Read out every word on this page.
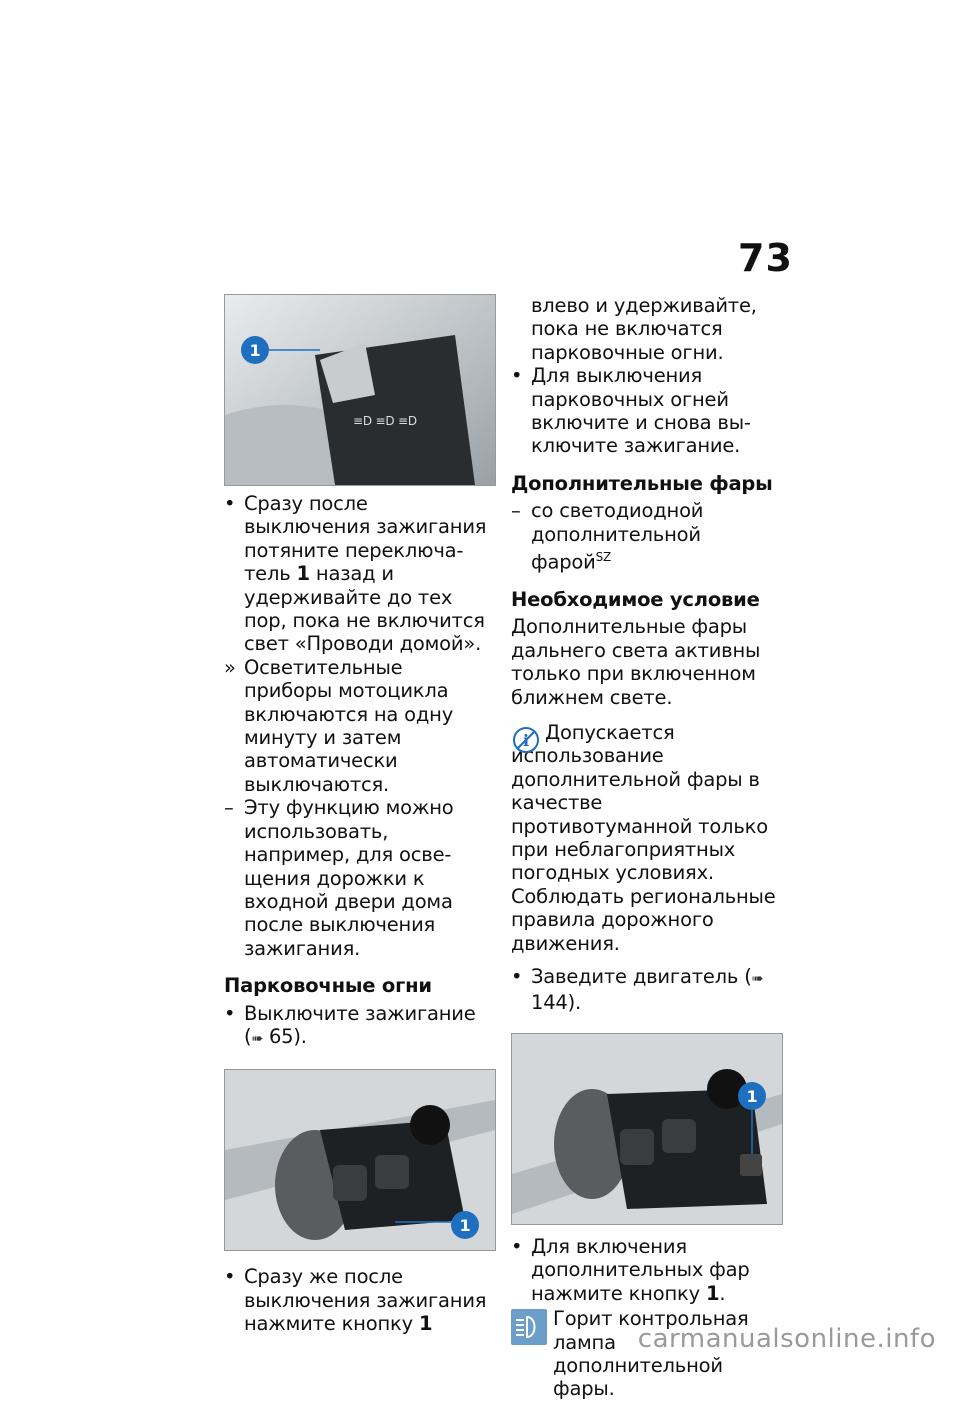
73
≡D ≡D ≡D
1
• Сразу после выключения зажигания потяните переключатель 1 назад и удерживайте до тех пор, пока не включится свет «Проводи домой».
» Осветительные приборы мотоцикла включаются на одну минуту и затем автоматически выключаются.
– Эту функцию можно использовать, например, для освещения дорожки к входной двери дома после выключения зажигания.
Парковочные огни
• Выключите зажигание (➠ 65).
1
• Сразу же после выключения зажигания нажмите кнопку 1
влево и удерживайте, пока не включатся парковочные огни.
• Для выключения парковочных огней включите и снова выключите зажигание.
Дополнительные фары
– со светодиодной дополнительной фарой$^{SZ}$
Необходимое условие
Дополнительные фары дальнего света активны только при включенном ближнем свете.
i Допускается использование дополнительной фары в качестве противотуманной только при неблагоприятных погодных условиях. Соблюдать региональные правила дорожного движения.
• Заведите двигатель (➠ 144).
1
• Для включения дополнительных фар нажмите кнопку 1.
Горит контрольная лампа дополнительной фары.
carmanualsonline.info
